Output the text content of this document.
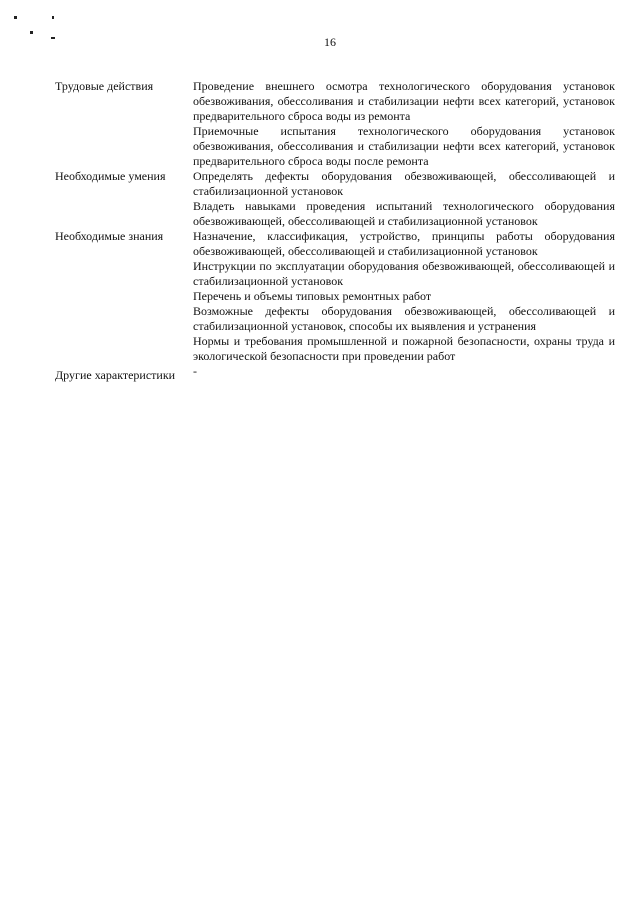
16
Трудовые действия	Проведение внешнего осмотра технологического оборудования установок обезвоживания, обессоливания и стабилизации нефти всех категорий, установок предварительного сброса воды из ремонта
Приемочные испытания технологического оборудования установок обезвоживания, обессоливания и стабилизации нефти всех категорий, установок предварительного сброса воды после ремонта
Необходимые умения	Определять дефекты оборудования обезвоживающей, обессоливающей и стабилизационной установок
Владеть навыками проведения испытаний технологического оборудования обезвоживающей, обессоливающей и стабилизационной установок
Необходимые знания	Назначение, классификация, устройство, принципы работы оборудования обезвоживающей, обессоливающей и стабилизационной установок
Инструкции по эксплуатации оборудования обезвоживающей, обессоливающей и стабилизационной установок
Перечень и объемы типовых ремонтных работ
Возможные дефекты оборудования обезвоживающей, обессоливающей и стабилизационной установок, способы их выявления и устранения
Нормы и требования промышленной и пожарной безопасности, охраны труда и экологической безопасности при проведении работ
Другие характеристики	-
